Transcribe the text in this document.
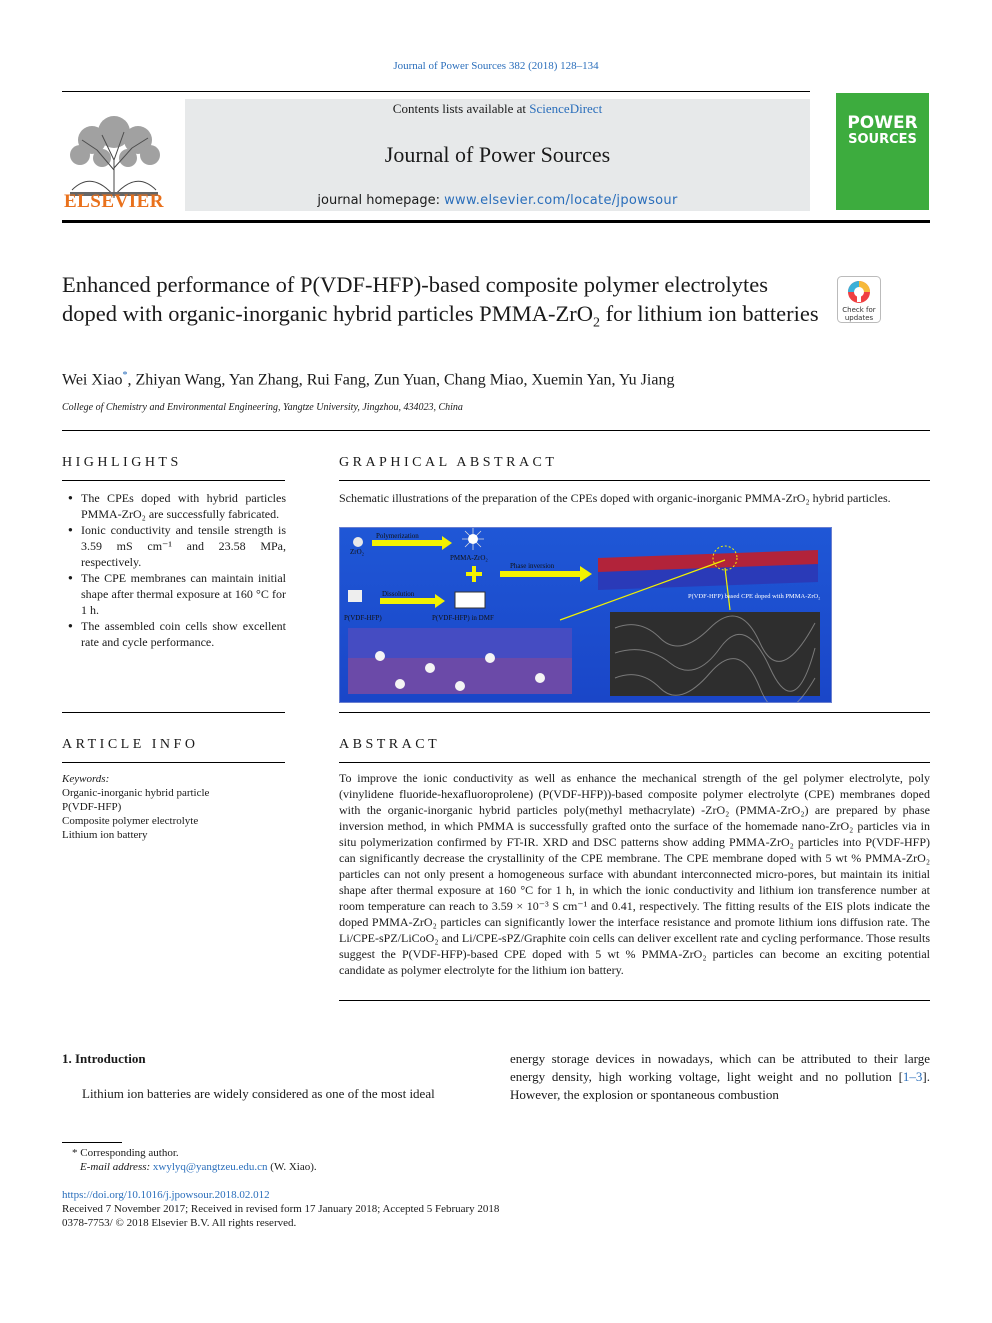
Journal of Power Sources 382 (2018) 128–134
ELSEVIER
Contents lists available at ScienceDirect
Journal of Power Sources
journal homepage: www.elsevier.com/locate/jpowsour
POWER
SOURCES
Enhanced performance of P(VDF-HFP)-based composite polymer electrolytes doped with organic-inorganic hybrid particles PMMA-ZrO$_2$ for lithium ion batteries	Check for updates
Wei Xiao*, Zhiyan Wang, Yan Zhang, Rui Fang, Zun Yuan, Chang Miao, Xuemin Yan, Yu Jiang
College of Chemistry and Environmental Engineering, Yangtze University, Jingzhou, 434023, China
HIGHLIGHTS
● The CPEs doped with hybrid particles PMMA-ZrO₂ are successfully fabricated.
● Ionic conductivity and tensile strength is 3.59 mS cm⁻¹ and 23.58 MPa, respectively.
● The CPE membranes can maintain initial shape after thermal exposure at 160 °C for 1 h.
● The assembled coin cells show excellent rate and cycle performance.
GRAPHICAL ABSTRACT
Schematic illustrations of the preparation of the CPEs doped with organic-inorganic PMMA-ZrO₂ hybrid particles.
ZrO₂
Polymerization
PMMA-ZrO₂
Phase inversion
Dissolution
P(VDF-HFP)	P(VDF-HFP) in DMF
P(VDF-HFP) based CPE doped with PMMA-ZrO₂
ARTICLE INFO
Keywords:
Organic-inorganic hybrid particle
P(VDF-HFP)
Composite polymer electrolyte
Lithium ion battery
ABSTRACT
To improve the ionic conductivity as well as enhance the mechanical strength of the gel polymer electrolyte, poly (vinylidene fluoride-hexafluoroprolene) (P(VDF-HFP))-based composite polymer electrolyte (CPE) membranes doped with the organic-inorganic hybrid particles poly(methyl methacrylate) -ZrO₂ (PMMA-ZrO₂) are prepared by phase inversion method, in which PMMA is successfully grafted onto the surface of the homemade nano-ZrO₂ particles via in situ polymerization confirmed by FT-IR. XRD and DSC patterns show adding PMMA-ZrO₂ particles into P(VDF-HFP) can significantly decrease the crystallinity of the CPE membrane. The CPE membrane doped with 5 wt % PMMA-ZrO₂ particles can not only present a homogeneous surface with abundant interconnected micro-pores, but maintain its initial shape after thermal exposure at 160 °C for 1 h, in which the ionic conductivity and lithium ion transference number at room temperature can reach to 3.59 × 10⁻³ S cm⁻¹ and 0.41, respectively. The fitting results of the EIS plots indicate the doped PMMA-ZrO₂ particles can significantly lower the interface resistance and promote lithium ions diffusion rate. The Li/CPE-sPZ/LiCoO₂ and Li/CPE-sPZ/Graphite coin cells can deliver excellent rate and cycling performance. Those results suggest the P(VDF-HFP)-based CPE doped with 5 wt % PMMA-ZrO₂ particles can become an exciting potential candidate as polymer electrolyte for the lithium ion battery.
1. Introduction
Lithium ion batteries are widely considered as one of the most ideal
energy storage devices in nowadays, which can be attributed to their large energy density, high working voltage, light weight and no pollution [1–3]. However, the explosion or spontaneous combustion
* Corresponding author.
E-mail address: xwylyq@yangtzeu.edu.cn (W. Xiao).
https://doi.org/10.1016/j.jpowsour.2018.02.012
Received 7 November 2017; Received in revised form 17 January 2018; Accepted 5 February 2018
0378-7753/ © 2018 Elsevier B.V. All rights reserved.
